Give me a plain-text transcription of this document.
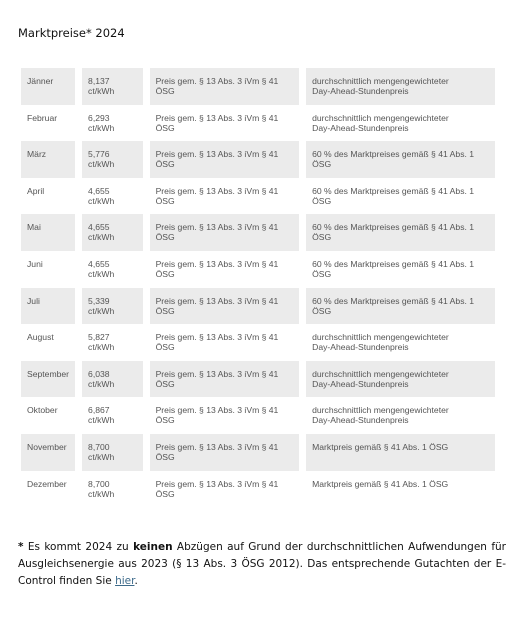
Marktpreise* 2024
Jänner	8,137 ct/kWh	Preis gem. § 13 Abs. 3 iVm § 41 ÖSG	durchschnittlich mengengewichteter
Day-Ahead-Stundenpreis
Februar	6,293 ct/kWh	Preis gem. § 13 Abs. 3 iVm § 41 ÖSG	durchschnittlich mengengewichteter
Day-Ahead-Stundenpreis
März	5,776 ct/kWh	Preis gem. § 13 Abs. 3 iVm § 41 ÖSG	60 % des Marktpreises gemäß § 41 Abs. 1 ÖSG
April	4,655 ct/kWh	Preis gem. § 13 Abs. 3 iVm § 41 ÖSG	60 % des Marktpreises gemäß § 41 Abs. 1 ÖSG
Mai	4,655 ct/kWh	Preis gem. § 13 Abs. 3 iVm § 41 ÖSG	60 % des Marktpreises gemäß § 41 Abs. 1 ÖSG
Juni	4,655 ct/kWh	Preis gem. § 13 Abs. 3 iVm § 41 ÖSG	60 % des Marktpreises gemäß § 41 Abs. 1 ÖSG
Juli	5,339 ct/kWh	Preis gem. § 13 Abs. 3 iVm § 41 ÖSG	60 % des Marktpreises gemäß § 41 Abs. 1 ÖSG
August	5,827 ct/kWh	Preis gem. § 13 Abs. 3 iVm § 41 ÖSG	durchschnittlich mengengewichteter
Day-Ahead-Stundenpreis
September	6,038 ct/kWh	Preis gem. § 13 Abs. 3 iVm § 41 ÖSG	durchschnittlich mengengewichteter
Day-Ahead-Stundenpreis
Oktober	6,867 ct/kWh	Preis gem. § 13 Abs. 3 iVm § 41 ÖSG	durchschnittlich mengengewichteter
Day-Ahead-Stundenpreis
November	8,700 ct/kWh	Preis gem. § 13 Abs. 3 iVm § 41 ÖSG	Marktpreis gemäß § 41 Abs. 1 ÖSG
Dezember	8,700 ct/kWh	Preis gem. § 13 Abs. 3 iVm § 41 ÖSG	Marktpreis gemäß § 41 Abs. 1 ÖSG
* Es kommt 2024 zu keinen Abzügen auf Grund der durchschnittlichen Aufwendungen für Ausgleichsenergie aus 2023 (§ 13 Abs. 3 ÖSG 2012). Das entsprechende Gutachten der E-Control finden Sie hier.
